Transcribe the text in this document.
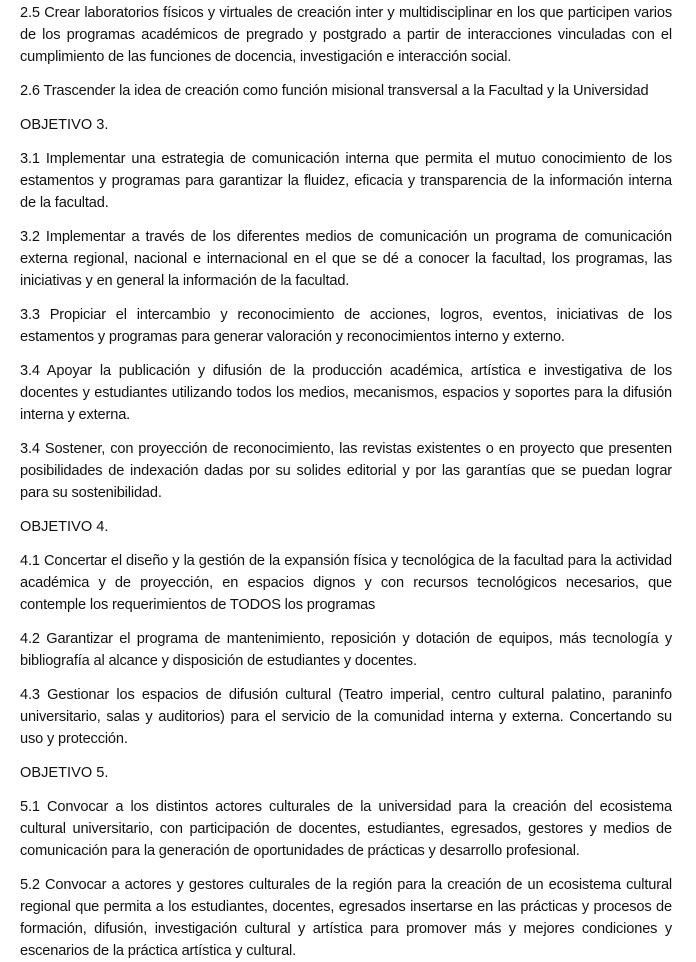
2.5 Crear laboratorios físicos y virtuales de creación inter y multidisciplinar en los que participen varios de los programas académicos de pregrado y postgrado a partir de interacciones vinculadas con el cumplimiento de las funciones de docencia, investigación e interacción social.

2.6 Trascender la idea de creación como función misional transversal a la Facultad y la Universidad

OBJETIVO 3.

3.1 Implementar una estrategia de comunicación interna que permita el mutuo conocimiento de los estamentos y programas para garantizar la fluidez, eficacia y transparencia de la información interna de la facultad.

3.2 Implementar a través de los diferentes medios de comunicación un programa de comunicación externa regional, nacional e internacional en el que se dé a conocer la facultad, los programas, las iniciativas y en general la información de la facultad.

3.3 Propiciar el intercambio y reconocimiento de acciones, logros, eventos, iniciativas de los estamentos y programas para generar valoración y reconocimientos interno y externo.

3.4 Apoyar la publicación y difusión de la producción académica, artística e investigativa de los docentes y estudiantes utilizando todos los medios, mecanismos, espacios y soportes para la difusión interna y externa.

3.4 Sostener, con proyección de reconocimiento, las revistas existentes o en proyecto que presenten posibilidades de indexación dadas por su solides editorial y por las garantías que se puedan lograr para su sostenibilidad.

OBJETIVO 4.

4.1 Concertar el diseño y la gestión de la expansión física y tecnológica de la facultad para la actividad académica y de proyección, en espacios dignos y con recursos tecnológicos necesarios, que contemple los requerimientos de TODOS los programas

4.2 Garantizar el programa de mantenimiento, reposición y dotación de equipos, más tecnología y bibliografía al alcance y disposición de estudiantes y docentes.

4.3 Gestionar los espacios de difusión cultural (Teatro imperial, centro cultural palatino, paraninfo universitario, salas y auditorios) para el servicio de la comunidad interna y externa. Concertando su uso y protección.

OBJETIVO 5.

5.1 Convocar a los distintos actores culturales de la universidad para la creación del ecosistema cultural universitario, con participación de docentes, estudiantes, egresados, gestores y medios de comunicación para la generación de oportunidades de prácticas y desarrollo profesional.

5.2 Convocar a actores y gestores culturales de la región para la creación de un ecosistema cultural regional que permita a los estudiantes, docentes, egresados insertarse en las prácticas y procesos de formación, difusión, investigación cultural y artística para promover más y mejores condiciones y escenarios de la práctica artística y cultural.
